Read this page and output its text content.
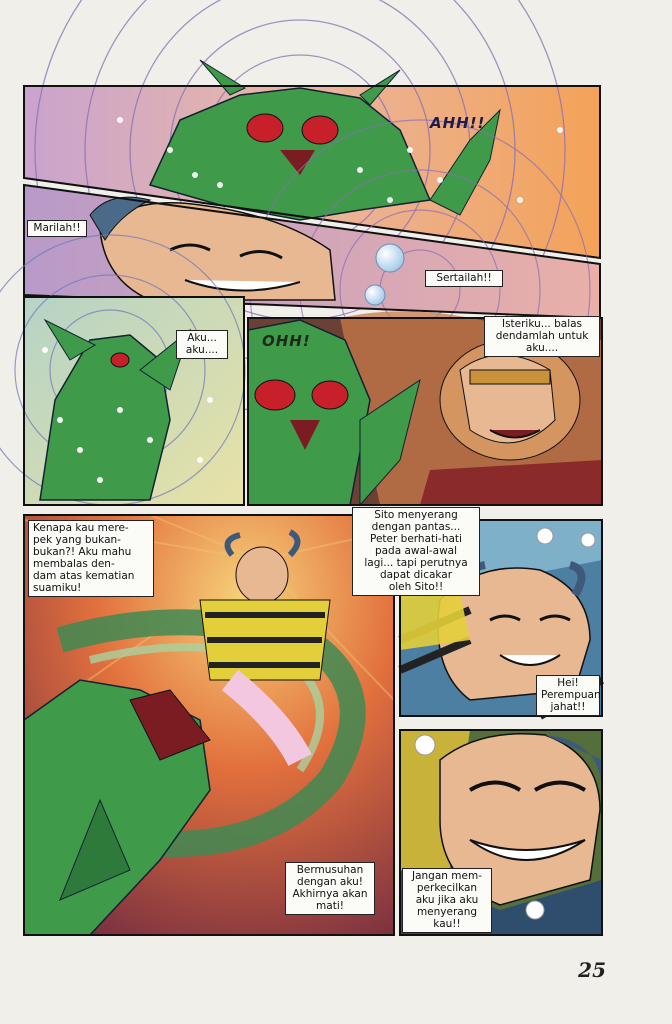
AHH!!
OHH!
Marilah!!
Sertailah!!
Aku...
aku....
Isteriku... balas
dendamlah untuk
aku....
Kenapa kau mere-
pek yang bukan-
bukan?! Aku mahu
membalas den-
dam atas kematian
suamiku!
Sito menyerang
dengan pantas...
Peter berhati-hati
pada awal-awal
lagi... tapi perutnya
dapat dicakar
oleh Sito!!
Hei!
Perempuan
jahat!!
Bermusuhan
dengan aku!
Akhirnya akan
mati!
Jangan mem-
perkecilkan
aku jika aku
menyerang
kau!!
25
